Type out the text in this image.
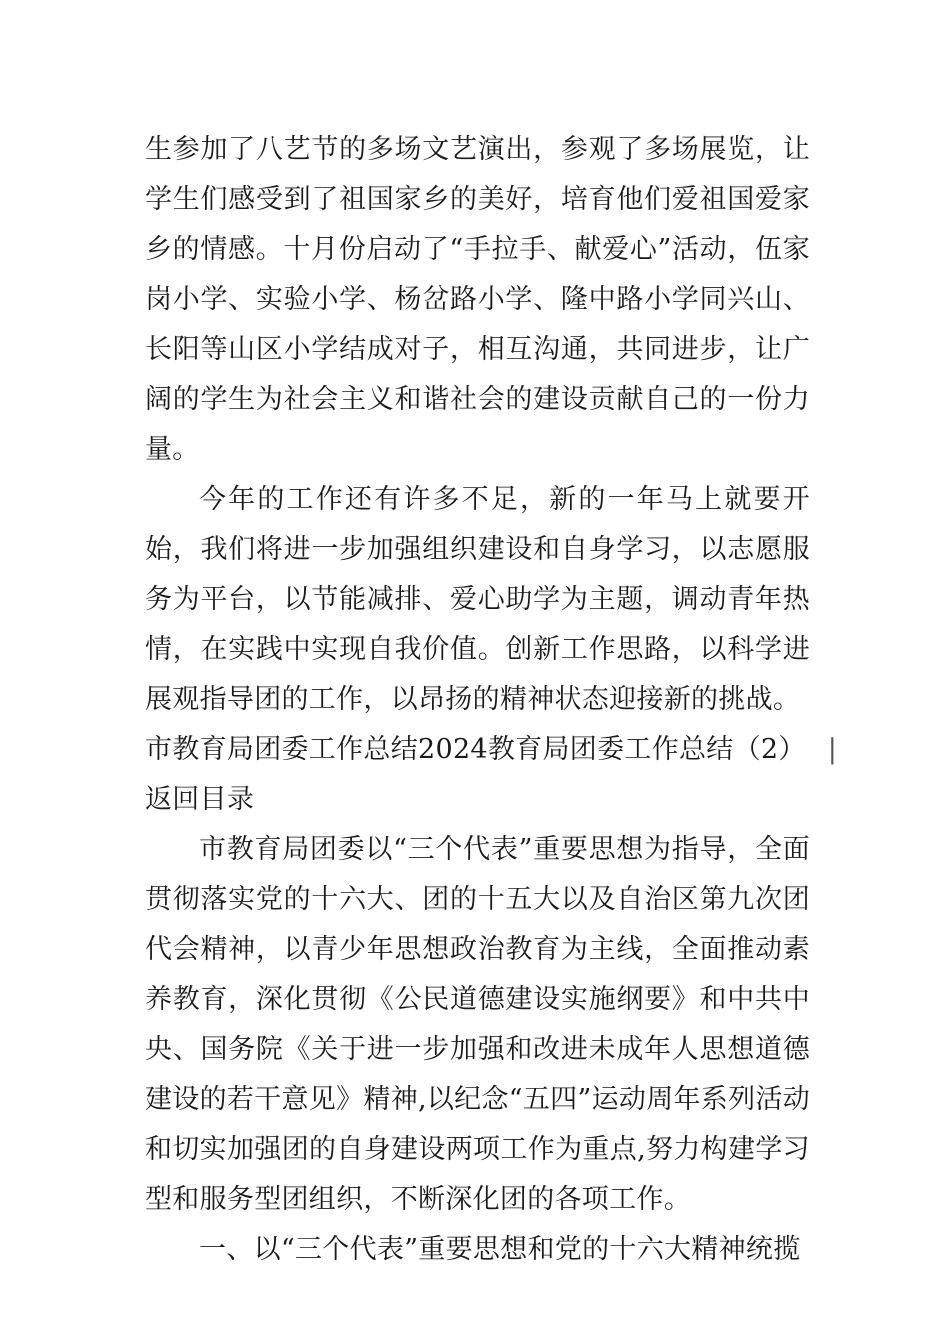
生参加了八艺节的多场文艺演出，参观了多场展览，让学生们感受到了祖国家乡的美好，培育他们爱祖国爱家乡的情感。十月份启动了“手拉手、献爱心”活动，伍家岗小学、实验小学、杨岔路小学、隆中路小学同兴山、长阳等山区小学结成对子，相互沟通，共同进步，让广阔的学生为社会主义和谐社会的建设贡献自己的一份力量。

今年的工作还有许多不足，新的一年马上就要开始，我们将进一步加强组织建设和自身学习，以志愿服务为平台，以节能减排、爱心助学为主题，调动青年热情，在实践中实现自我价值。创新工作思路，以科学进展观指导团的工作，以昂扬的精神状态迎接新的挑战。

市教育局团委工作总结2024教育局团委工作总结（2） |

返回目录

市教育局团委以“三个代表”重要思想为指导，全面贯彻落实党的十六大、团的十五大以及自治区第九次团代会精神，以青少年思想政治教育为主线，全面推动素养教育，深化贯彻《公民道德建设实施纲要》和中共中央、国务院《关于进一步加强和改进未成年人思想道德建设的若干意见》精神,以纪念“五四”运动周年系列活动和切实加强团的自身建设两项工作为重点,努力构建学习型和服务型团组织，不断深化团的各项工作。

一、以“三个代表”重要思想和党的十六大精神统揽
